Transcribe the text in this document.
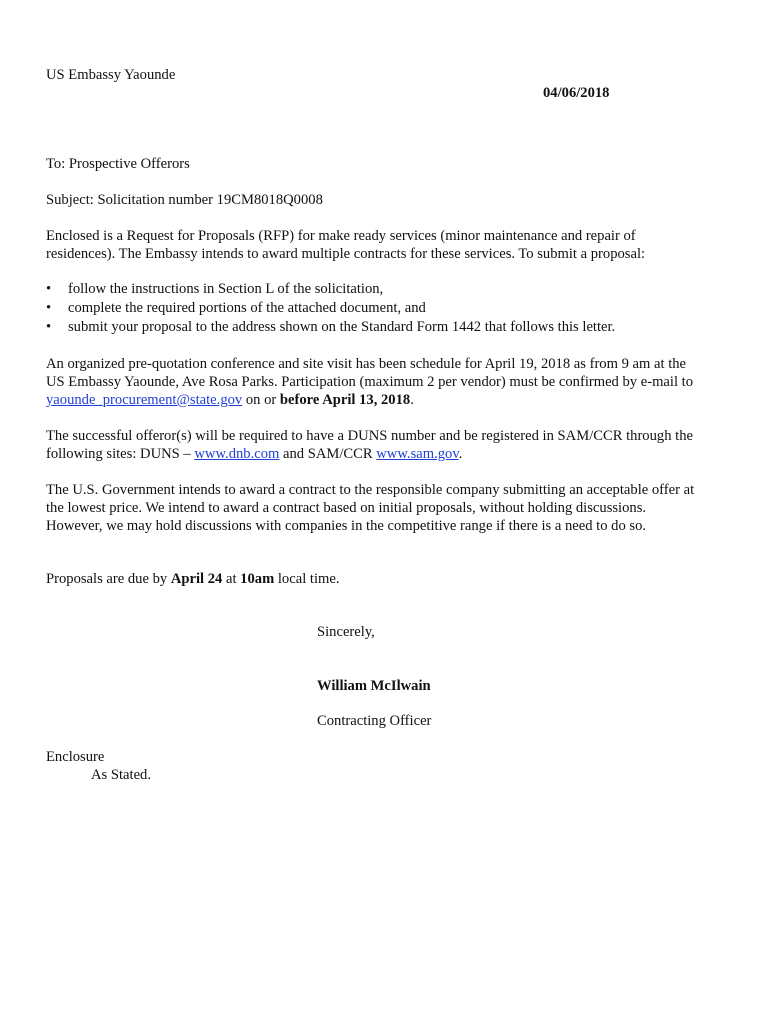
US Embassy Yaounde
04/06/2018
To: Prospective Offerors
Subject: Solicitation number 19CM8018Q0008
Enclosed is a Request for Proposals (RFP) for make ready services (minor maintenance and repair of
residences). The Embassy intends to award multiple contracts for these services. To submit a proposal:
• follow the instructions in Section L of the solicitation,
• complete the required portions of the attached document, and
• submit your proposal to the address shown on the Standard Form 1442 that follows this letter.
An organized pre-quotation conference and site visit has been schedule for April 19, 2018 as from 9 am at the
US Embassy Yaounde, Ave Rosa Parks. Participation (maximum 2 per vendor) must be confirmed by e-mail to
yaounde_procurement@state.gov on or before April 13, 2018.
The successful offeror(s) will be required to have a DUNS number and be registered in SAM/CCR through the
following sites: DUNS – www.dnb.com and SAM/CCR www.sam.gov.
The U.S. Government intends to award a contract to the responsible company submitting an acceptable offer at
the lowest price. We intend to award a contract based on initial proposals, without holding discussions.
However, we may hold discussions with companies in the competitive range if there is a need to do so.
Proposals are due by April 24 at 10am local time.
Sincerely,
William McIlwain
Contracting Officer
Enclosure
As Stated.
